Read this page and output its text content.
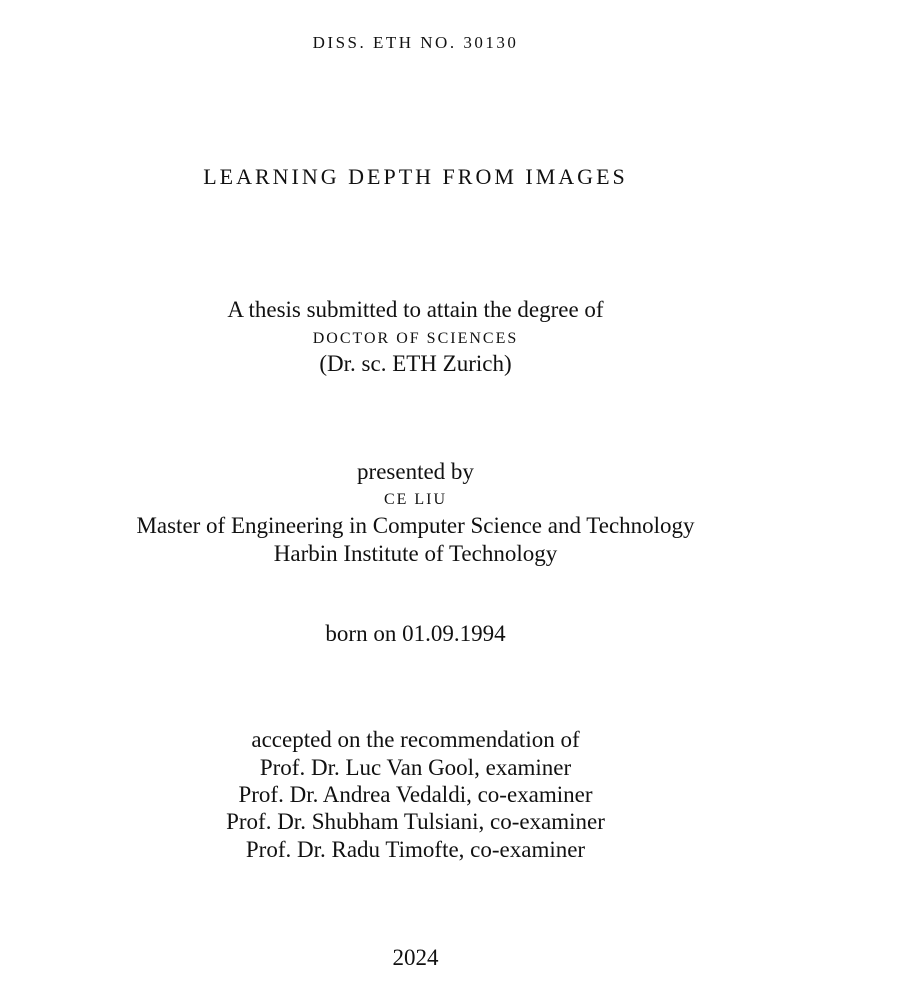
DISS. ETH NO. 30130
LEARNING DEPTH FROM IMAGES
A thesis submitted to attain the degree of
DOCTOR OF SCIENCES
(Dr. sc. ETH Zurich)
presented by
CE LIU
Master of Engineering in Computer Science and Technology
Harbin Institute of Technology
born on 01.09.1994
accepted on the recommendation of
Prof. Dr. Luc Van Gool, examiner
Prof. Dr. Andrea Vedaldi, co-examiner
Prof. Dr. Shubham Tulsiani, co-examiner
Prof. Dr. Radu Timofte, co-examiner
2024
